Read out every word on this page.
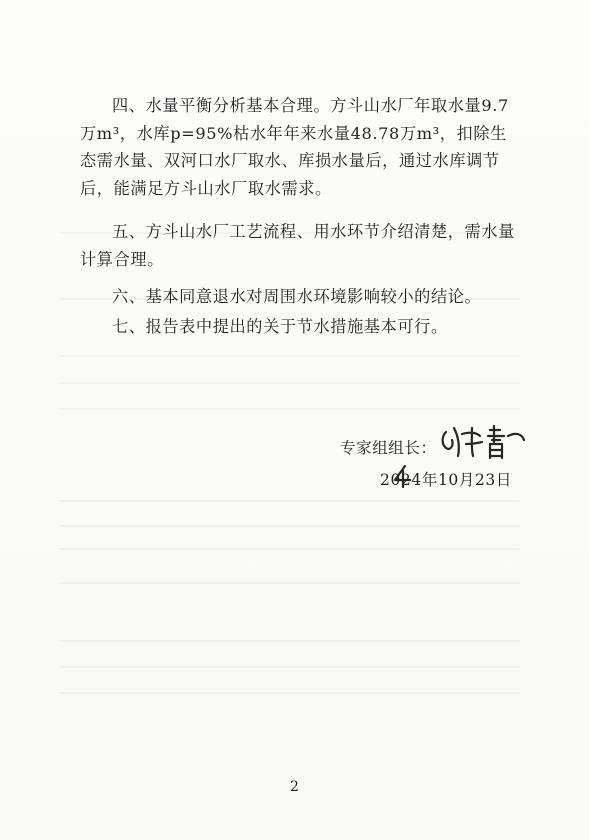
四、水量平衡分析基本合理。方斗山水厂年取水量9.7万m³，水库p=95%枯水年年来水量48.78万m³，扣除生态需水量、双河口水厂取水、库损水量后，通过水库调节后，能满足方斗山水厂取水需求。

五、方斗山水厂工艺流程、用水环节介绍清楚，需水量计算合理。

六、基本同意退水对周围水环境影响较小的结论。

七、报告表中提出的关于节水措施基本可行。

专家组组长：
2024年10月23日
2
